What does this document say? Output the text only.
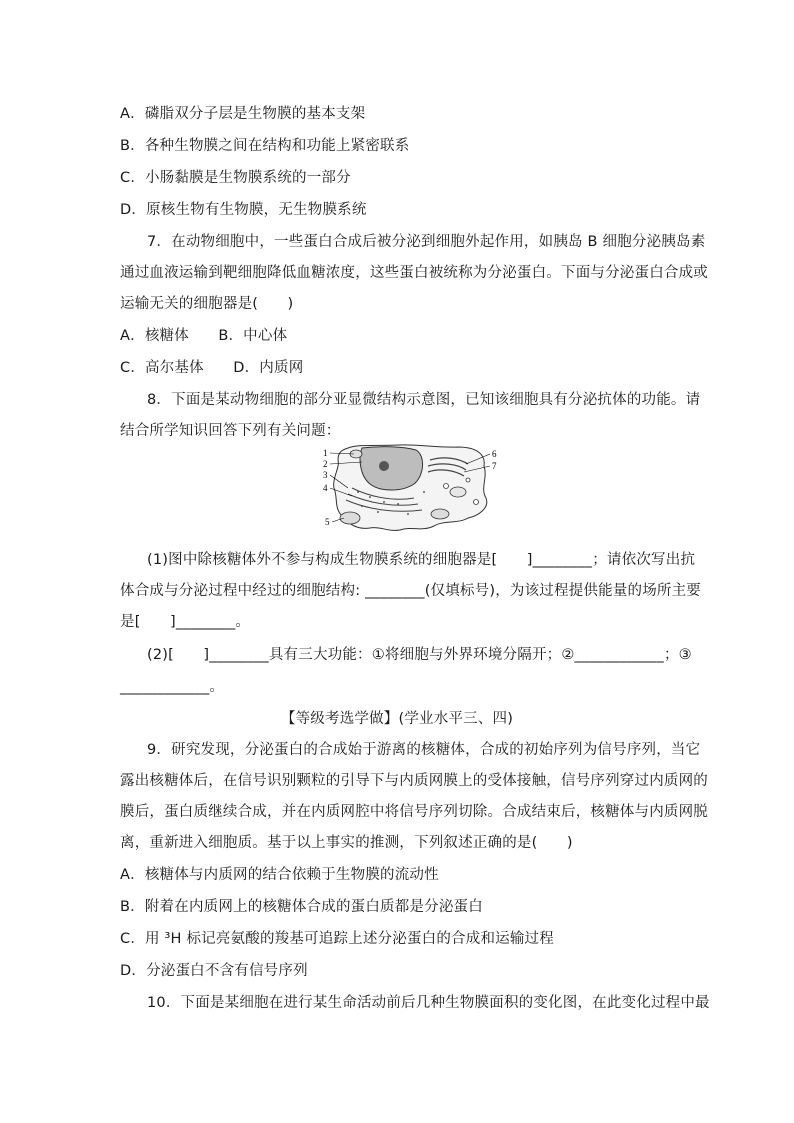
A．磷脂双分子层是生物膜的基本支架
B．各种生物膜之间在结构和功能上紧密联系
C．小肠黏膜是生物膜系统的一部分
D．原核生物有生物膜，无生物膜系统
7．在动物细胞中，一些蛋白合成后被分泌到细胞外起作用，如胰岛 B 细胞分泌胰岛素
通过血液运输到靶细胞降低血糖浓度，这些蛋白被统称为分泌蛋白。下面与分泌蛋白合成或
运输无关的细胞器是(　　)
A．核糖体　　B．中心体
C．高尔基体　　D．内质网
8．下面是某动物细胞的部分亚显微结构示意图，已知该细胞具有分泌抗体的功能。请
结合所学知识回答下列有关问题：
1
2
3
4
5
6
7
(1)图中除核糖体外不参与构成生物膜系统的细胞器是[　　]________；请依次写出抗
体合成与分泌过程中经过的细胞结构: ________(仅填标号)，为该过程提供能量的场所主要
是[　　]________。
(2)[　　]________具有三大功能：①将细胞与外界环境分隔开；②____________；③
____________。
【等级考选学做】(学业水平三、四)
9．研究发现，分泌蛋白的合成始于游离的核糖体，合成的初始序列为信号序列，当它
露出核糖体后，在信号识别颗粒的引导下与内质网膜上的受体接触，信号序列穿过内质网的
膜后，蛋白质继续合成，并在内质网腔中将信号序列切除。合成结束后，核糖体与内质网脱
离，重新进入细胞质。基于以上事实的推测，下列叙述正确的是(　　)
A．核糖体与内质网的结合依赖于生物膜的流动性
B．附着在内质网上的核糖体合成的蛋白质都是分泌蛋白
C．用 ³H 标记亮氨酸的羧基可追踪上述分泌蛋白的合成和运输过程
D．分泌蛋白不含有信号序列
10．下面是某细胞在进行某生命活动前后几种生物膜面积的变化图，在此变化过程中最
